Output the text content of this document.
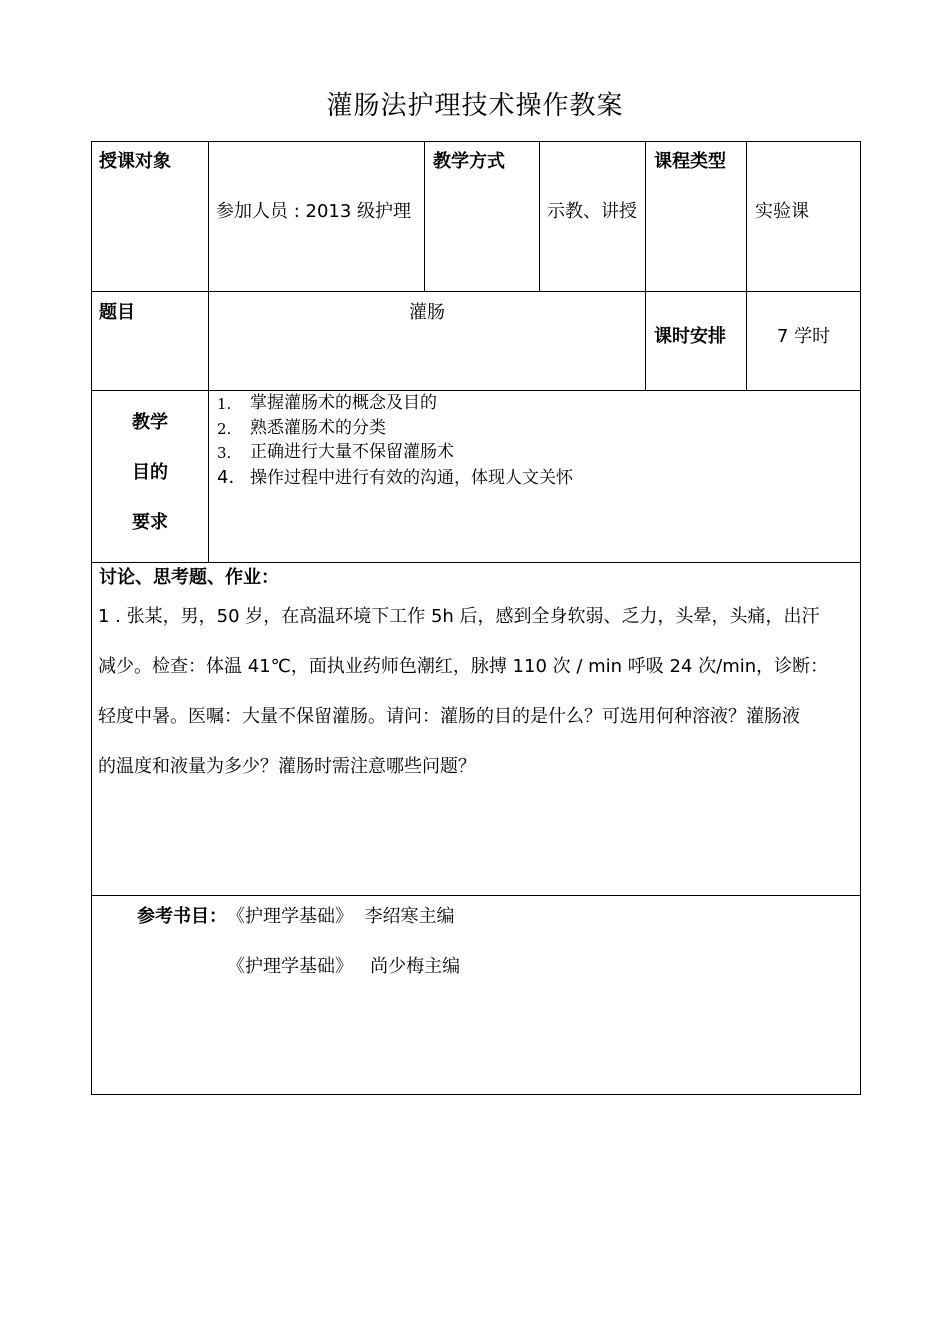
灌肠法护理技术操作教案
授课对象
参加人员 : 2013 级护理
教学方式
示教、讲授
课程类型
实验课
题目	灌肠
课时安排	7 学时
教学
目的
要求
1. 掌握灌肠术的概念及目的
2. 熟悉灌肠术的分类
3. 正确进行大量不保留灌肠术
4. 操作过程中进行有效的沟通，体现人文关怀
讨论、思考题、作业：
1 . 张某，男，50 岁，在高温环境下工作 5h 后，感到全身软弱、乏力，头晕，头痛，出汗
减少。检查：体温 41℃，面执业药师色潮红，脉搏 110 次 / min 呼吸 24 次/min，诊断：
轻度中暑。医嘱：大量不保留灌肠。请问：灌肠的目的是什么？可选用何种溶液？灌肠液
的温度和液量为多少？灌肠时需注意哪些问题？
参考书目： 《护理学基础》  李绍寒主编
《护理学基础》   尚少梅主编
